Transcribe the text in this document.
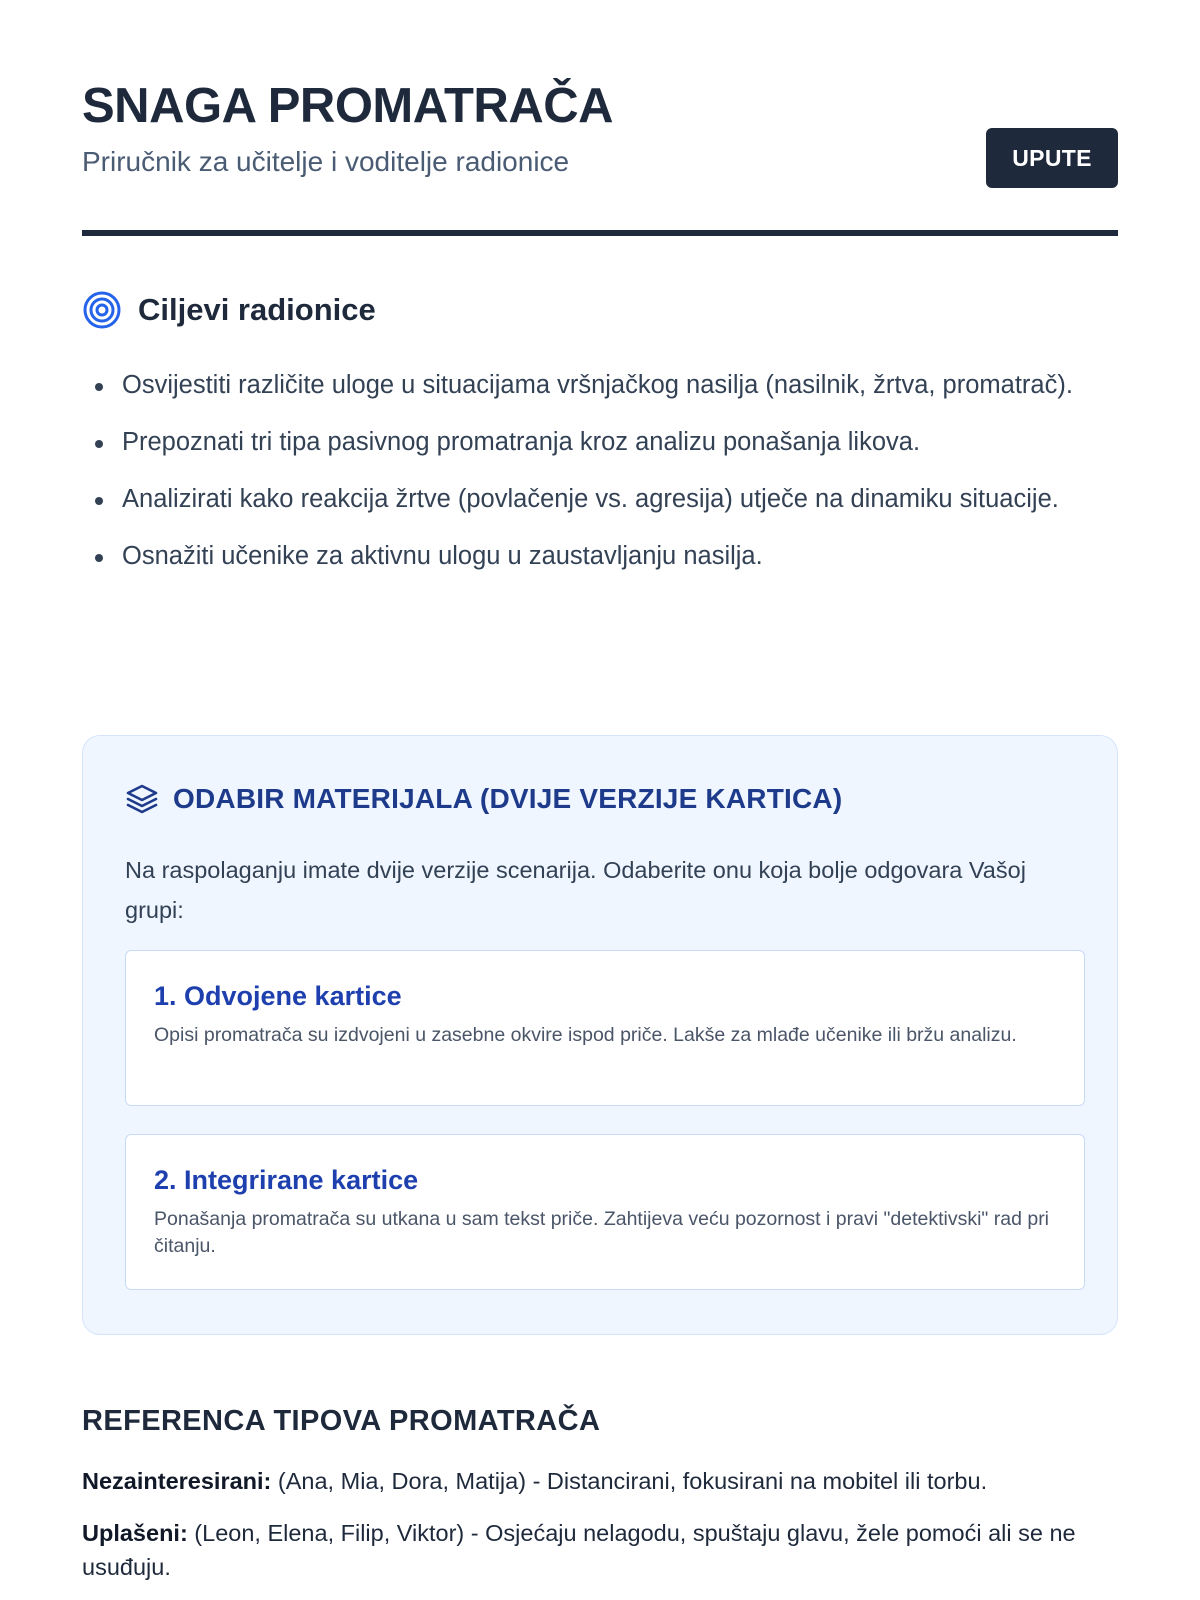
SNAGA PROMATRAČA

Priručnik za učitelje i voditelje radionice	UPUTE
Ciljevi radionice
Osvijestiti različite uloge u situacijama vršnjačkog nasilja (nasilnik, žrtva, promatrač).
Prepoznati tri tipa pasivnog promatranja kroz analizu ponašanja likova.
Analizirati kako reakcija žrtve (povlačenje vs. agresija) utječe na dinamiku situacije.
Osnažiti učenike za aktivnu ulogu u zaustavljanju nasilja.
ODABIR MATERIJALA (DVIJE VERZIJE KARTICA)

Na raspolaganju imate dvije verzije scenarija. Odaberite onu koja bolje odgovara Vašoj grupi:

1. Odvojene kartice
Opisi promatrača su izdvojeni u zasebne okvire ispod priče. Lakše za mlađe učenike ili bržu analizu.
2. Integrirane kartice
Ponašanja promatrača su utkana u sam tekst priče. Zahtijeva veću pozornost i pravi "detektivski" rad pri čitanju.
REFERENCA TIPOVA PROMATRAČA

Nezainteresirani: (Ana, Mia, Dora, Matija) - Distancirani, fokusirani na mobitel ili torbu.

Uplašeni: (Leon, Elena, Filip, Viktor) - Osjećaju nelagodu, spuštaju glavu, žele pomoći ali se ne usuđuju.
